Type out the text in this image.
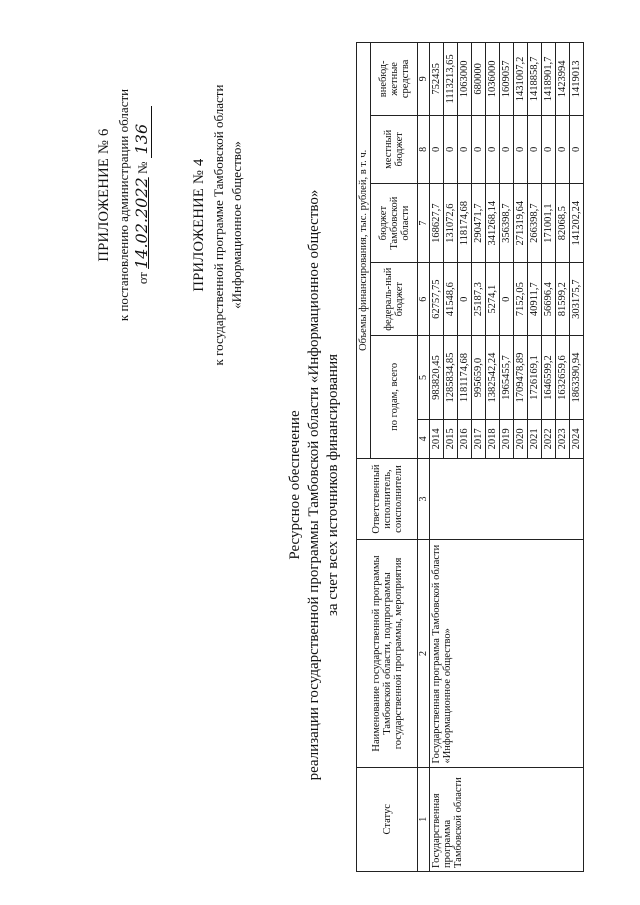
ПРИЛОЖЕНИЕ № 6 к постановлению администрации области от 14.02.2022 № 136
ПРИЛОЖЕНИЕ № 4 к государственной программе Тамбовской области «Информационное общество»
Ресурсное обеспечение реализации государственной программы Тамбовской области «Информационное общество» за счет всех источников финансирования
Статус	Наименование государственной программы Тамбовской области, подпрограммы государственной программы, мероприятия	Ответственный исполнитель, соисполнители	Объемы финансирования, тыс. рублей, в т. ч.					
			по годам, всего		федераль-ный бюджет	бюджет Тамбовской области	местный бюджет	внебюд-жетные средства
1	2	3	4	5	6	7	8	9
Государственная программа Тамбовской области	Государственная программа Тамбовской области «Информационное общество»		2014	983820,45	62757,75	168627,7	0	752435
			2015	1285834,85	41548,6	131072,6	0	1113213,65
			2016	1181174,68	0	118174,68	0	1063000
			2017	995659,0	25187,3	290471,7	0	680000
			2018	1382542,24	5274,1	341268,14	0	1036000
			2019	1965455,7	0	356398,7	0	1609057
			2020	1709478,89	7152,05	271319,64	0	1431007,2
			2021	1726169,1	40911,7	266398,7	0	1418858,7
			2022	1646599,2	56696,4	171001,1	0	1418901,7
			2023	1632659,6	81599,2	82068,5	0	1423994
			2024	1863390,94	303175,7	141202,24	0	1419013
